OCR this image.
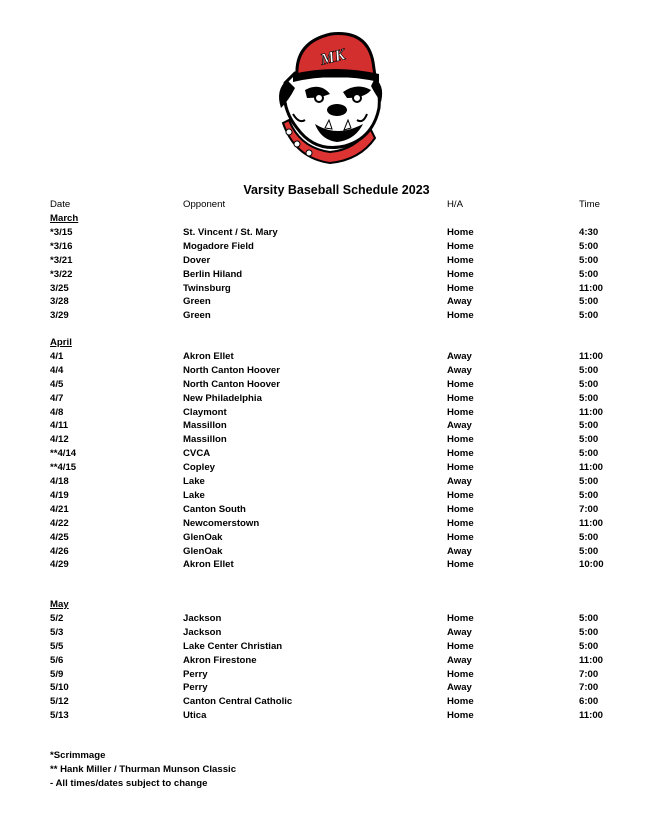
MK
Varsity Baseball Schedule 2023
Date	Opponent	H/A	Time
March
*3/15	St. Vincent / St. Mary	Home	4:30
*3/16	Mogadore Field	Home	5:00
*3/21	Dover	Home	5:00
*3/22	Berlin Hiland	Home	5:00
3/25	Twinsburg	Home	11:00
3/28	Green	Away	5:00
3/29	Green	Home	5:00
April
4/1	Akron Ellet	Away	11:00
4/4	North Canton Hoover	Away	5:00
4/5	North Canton Hoover	Home	5:00
4/7	New Philadelphia	Home	5:00
4/8	Claymont	Home	11:00
4/11	Massillon	Away	5:00
4/12	Massillon	Home	5:00
**4/14	CVCA	Home	5:00
**4/15	Copley	Home	11:00
4/18	Lake	Away	5:00
4/19	Lake	Home	5:00
4/21	Canton South	Home	7:00
4/22	Newcomerstown	Home	11:00
4/25	GlenOak	Home	5:00
4/26	GlenOak	Away	5:00
4/29	Akron Ellet	Home	10:00
May
5/2	Jackson	Home	5:00
5/3	Jackson	Away	5:00
5/5	Lake Center Christian	Home	5:00
5/6	Akron Firestone	Away	11:00
5/9	Perry	Home	7:00
5/10	Perry	Away	7:00
5/12	Canton Central Catholic	Home	6:00
5/13	Utica	Home	11:00
*Scrimmage
** Hank Miller / Thurman Munson Classic
- All times/dates subject to change
